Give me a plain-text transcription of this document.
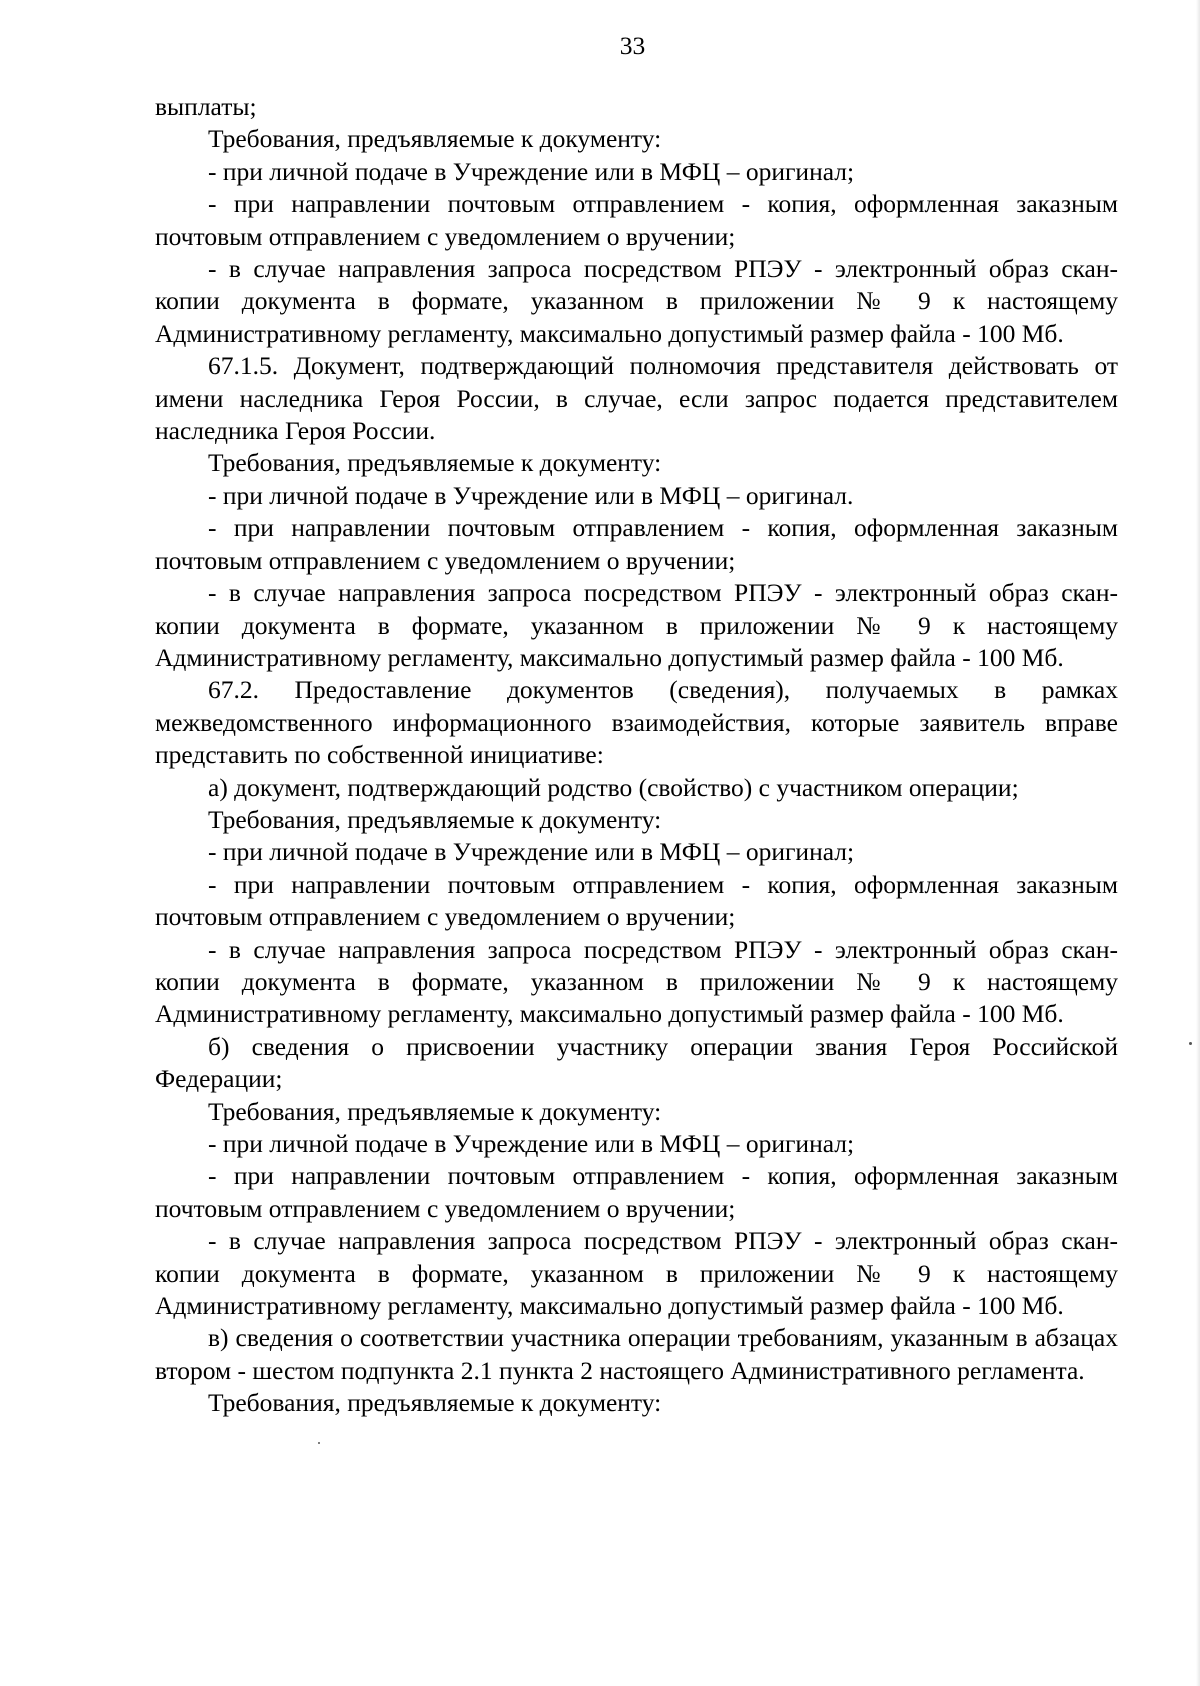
33

выплаты;

Требования, предъявляемые к документу:

- при личной подаче в Учреждение или в МФЦ – оригинал;

- при направлении почтовым отправлением - копия, оформленная заказным почтовым отправлением с уведомлением о вручении;

- в случае направления запроса посредством РПЭУ - электронный образ скан-копии документа в формате, указанном в приложении № 9 к настоящему Административному регламенту, максимально допустимый размер файла - 100 Мб.

67.1.5. Документ, подтверждающий полномочия представителя действовать от имени наследника Героя России, в случае, если запрос подается представителем наследника Героя России.

Требования, предъявляемые к документу:

- при личной подаче в Учреждение или в МФЦ – оригинал.

- при направлении почтовым отправлением - копия, оформленная заказным почтовым отправлением с уведомлением о вручении;

- в случае направления запроса посредством РПЭУ - электронный образ скан-копии документа в формате, указанном в приложении № 9 к настоящему Административному регламенту, максимально допустимый размер файла - 100 Мб.

67.2. Предоставление документов (сведения), получаемых в рамках межведомственного информационного взаимодействия, которые заявитель вправе представить по собственной инициативе:

а) документ, подтверждающий родство (свойство) с участником операции;

Требования, предъявляемые к документу:

- при личной подаче в Учреждение или в МФЦ – оригинал;

- при направлении почтовым отправлением - копия, оформленная заказным почтовым отправлением с уведомлением о вручении;

- в случае направления запроса посредством РПЭУ - электронный образ скан-копии документа в формате, указанном в приложении № 9 к настоящему Административному регламенту, максимально допустимый размер файла - 100 Мб.

б) сведения о присвоении участнику операции звания Героя Российской Федерации;

Требования, предъявляемые к документу:

- при личной подаче в Учреждение или в МФЦ – оригинал;

- при направлении почтовым отправлением - копия, оформленная заказным почтовым отправлением с уведомлением о вручении;

- в случае направления запроса посредством РПЭУ - электронный образ скан-копии документа в формате, указанном в приложении № 9 к настоящему Административному регламенту, максимально допустимый размер файла - 100 Мб.

в) сведения о соответствии участника операции требованиям, указанным в абзацах втором - шестом подпункта 2.1 пункта 2 настоящего Административного регламента.

Требования, предъявляемые к документу:
